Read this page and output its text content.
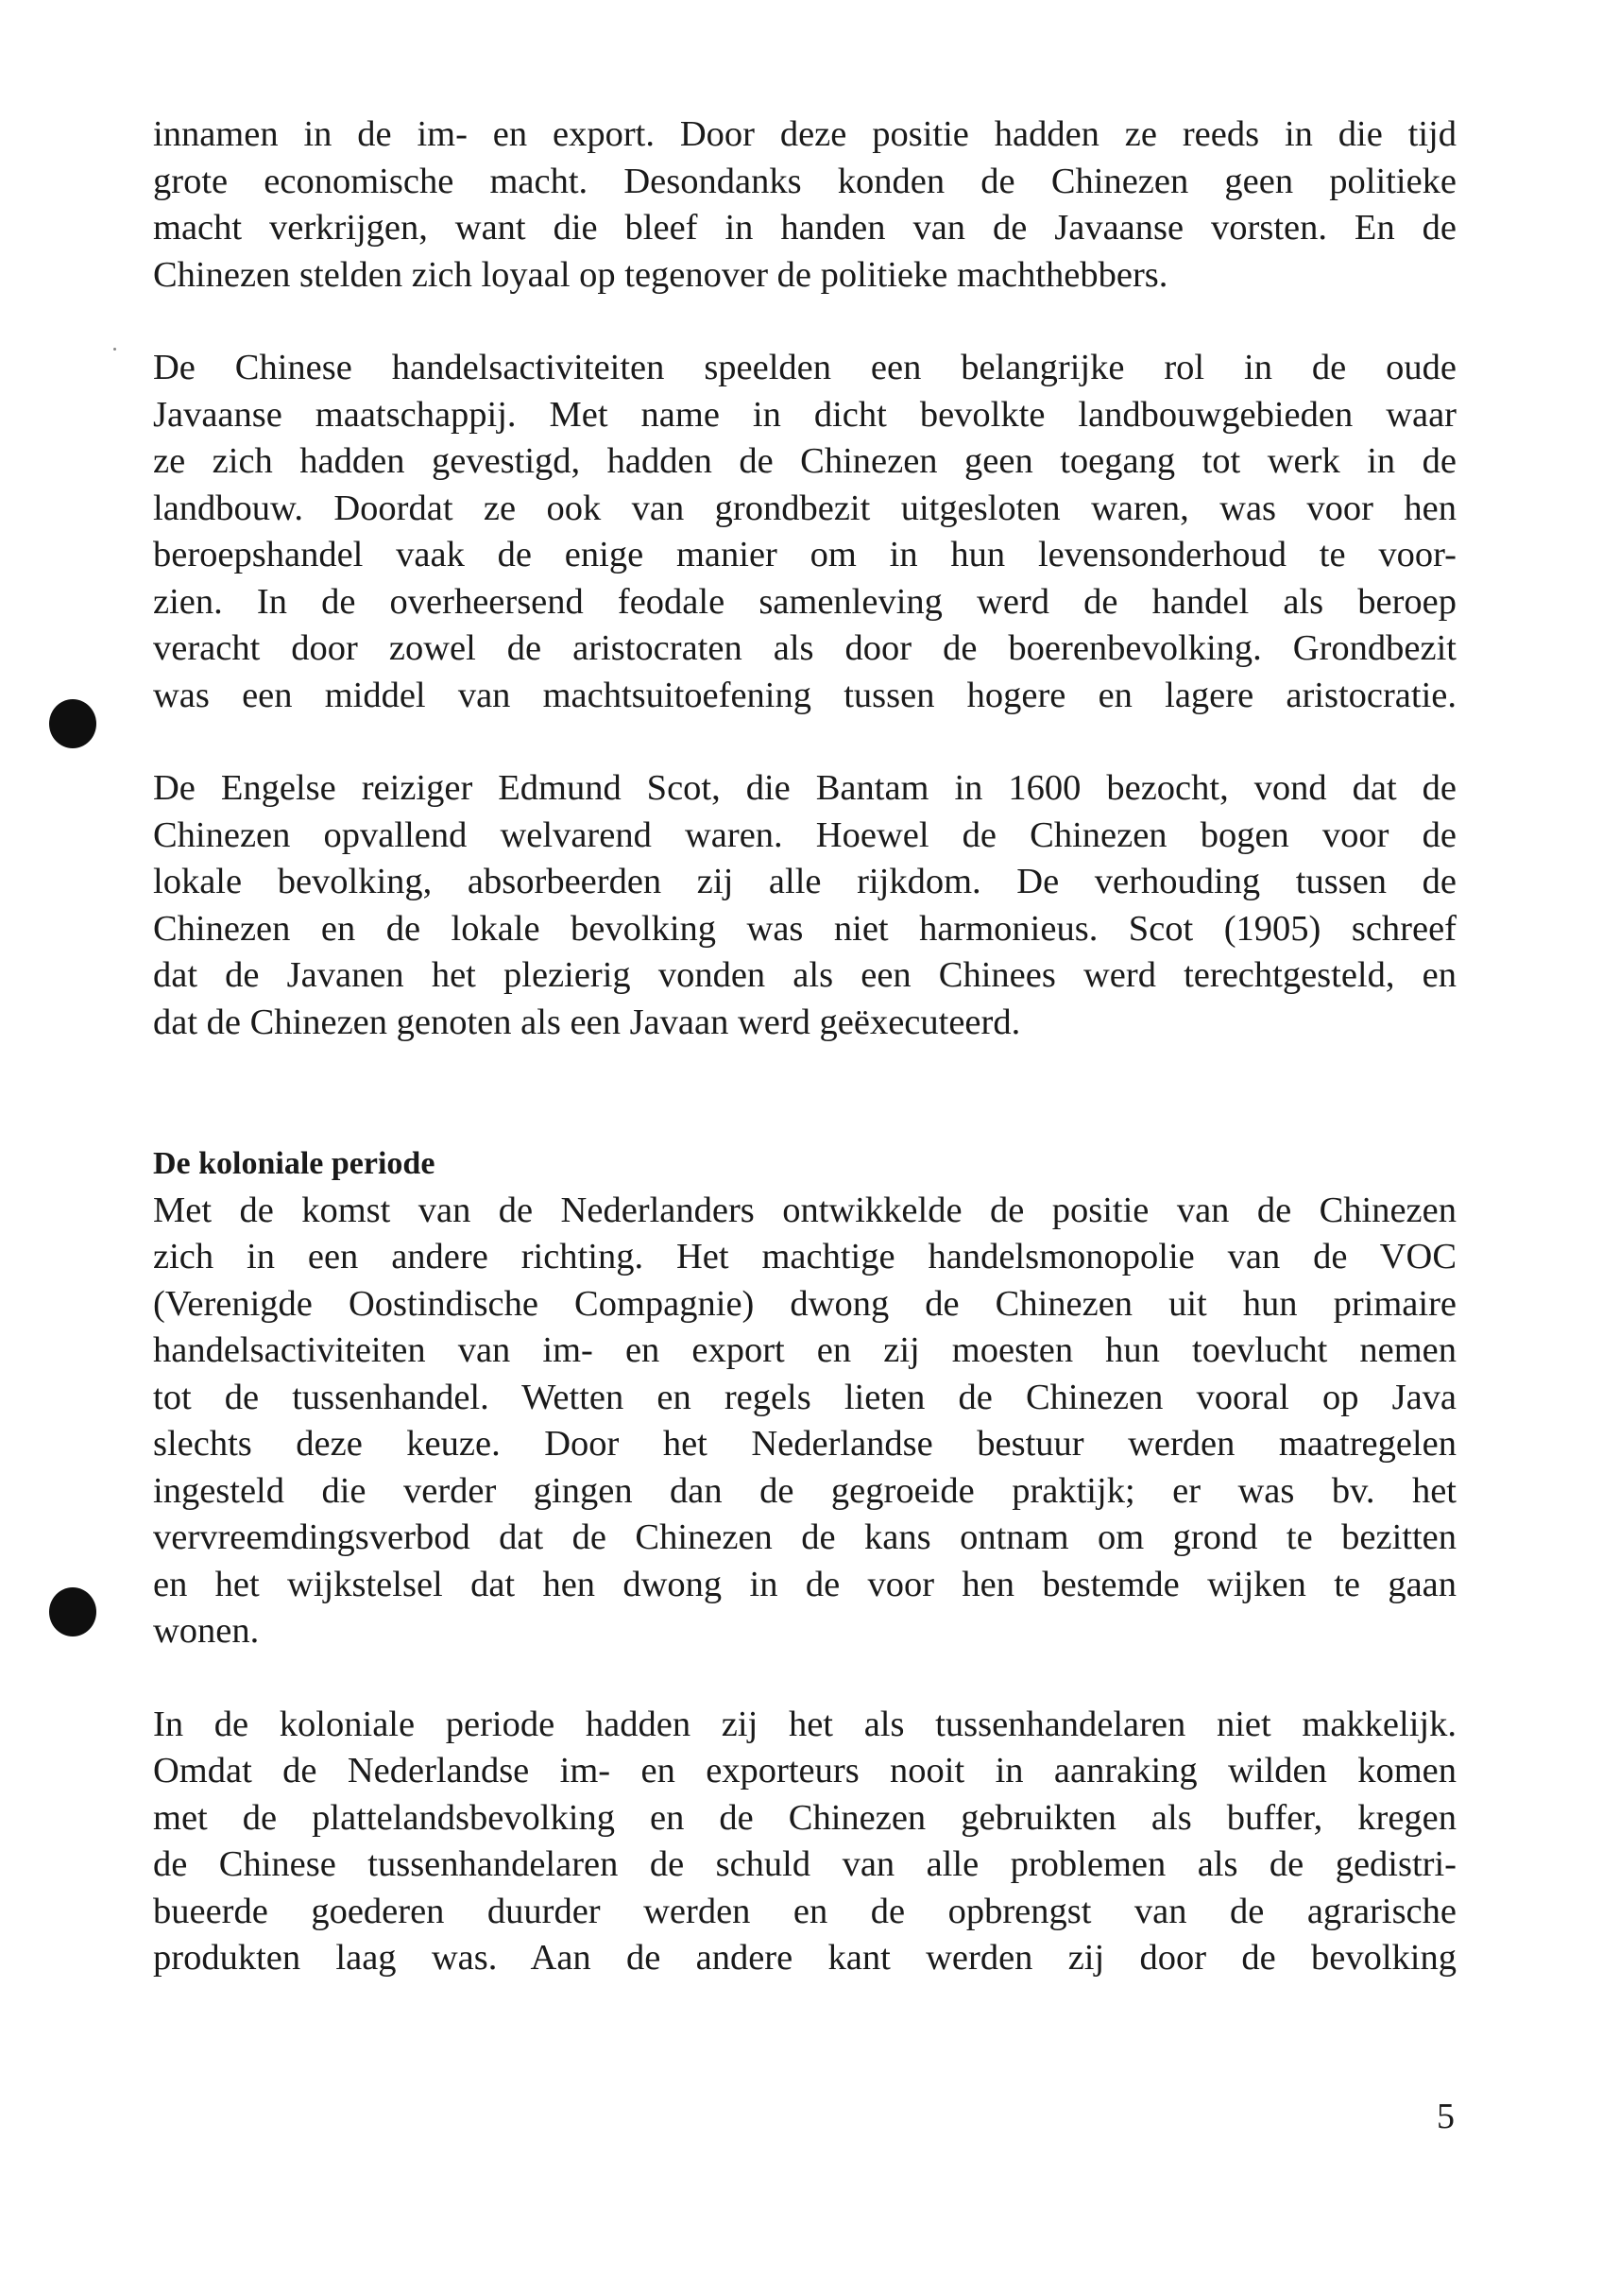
innamen in de im- en export. Door deze positie hadden ze reeds in die tijd
grote economische macht. Desondanks konden de Chinezen geen politieke
macht verkrijgen, want die bleef in handen van de Javaanse vorsten. En de
Chinezen stelden zich loyaal op tegenover de politieke machthebbers.

De Chinese handelsactiviteiten speelden een belangrijke rol in de oude
Javaanse maatschappij. Met name in dicht bevolkte landbouwgebieden waar
ze zich hadden gevestigd, hadden de Chinezen geen toegang tot werk in de
landbouw. Doordat ze ook van grondbezit uitgesloten waren, was voor hen
beroepshandel vaak de enige manier om in hun levensonderhoud te voor-
zien. In de overheersend feodale samenleving werd de handel als beroep
veracht door zowel de aristocraten als door de boerenbevolking. Grondbezit
was een middel van machtsuitoefening tussen hogere en lagere aristocratie.

De Engelse reiziger Edmund Scot, die Bantam in 1600 bezocht, vond dat de
Chinezen opvallend welvarend waren. Hoewel de Chinezen bogen voor de
lokale bevolking, absorbeerden zij alle rijkdom. De verhouding tussen de
Chinezen en de lokale bevolking was niet harmonieus. Scot (1905) schreef
dat de Javanen het plezierig vonden als een Chinees werd terechtgesteld, en
dat de Chinezen genoten als een Javaan werd geëxecuteerd.

De koloniale periode

Met de komst van de Nederlanders ontwikkelde de positie van de Chinezen
zich in een andere richting. Het machtige handelsmonopolie van de VOC
(Verenigde Oostindische Compagnie) dwong de Chinezen uit hun primaire
handelsactiviteiten van im- en export en zij moesten hun toevlucht nemen
tot de tussenhandel. Wetten en regels lieten de Chinezen vooral op Java
slechts deze keuze. Door het Nederlandse bestuur werden maatregelen
ingesteld die verder gingen dan de gegroeide praktijk; er was bv. het
vervreemdingsverbod dat de Chinezen de kans ontnam om grond te bezitten
en het wijkstelsel dat hen dwong in de voor hen bestemde wijken te gaan
wonen.

In de koloniale periode hadden zij het als tussenhandelaren niet makkelijk.
Omdat de Nederlandse im- en exporteurs nooit in aanraking wilden komen
met de plattelandsbevolking en de Chinezen gebruikten als buffer, kregen
de Chinese tussenhandelaren de schuld van alle problemen als de gedistri-
bueerde goederen duurder werden en de opbrengst van de agrarische
produkten laag was. Aan de andere kant werden zij door de bevolking

5
